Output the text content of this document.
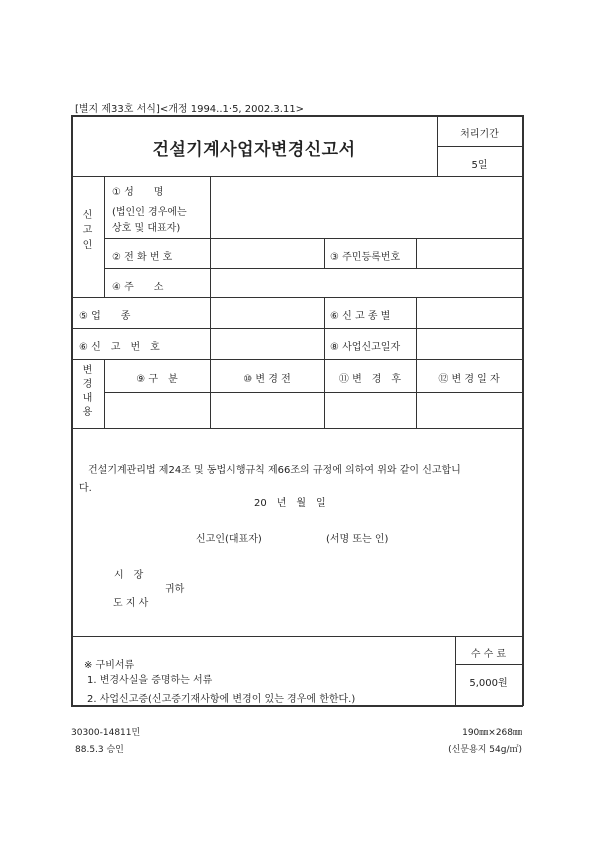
[별지 제33호 서식]<개정 1994..1·5, 2002.3.11>
건설기계사업자변경신고서
처리기간
5일
신고인
① 성　　명
(법인인 경우에는
상호 및 대표자)
② 전 화 번 호	③ 주민등록번호
④ 주　　소
⑤ 업　　종	⑥ 신 고 종 별
⑥ 신　고　번　호	⑧ 사업신고일자
변경내용
⑨ 구　분	⑩ 변 경 전	⑪ 변　경　후	⑫ 변 경 일 자
건설기계관리법 제24조 및 동법시행규칙 제66조의 규정에 의하여 위와 같이 신고합니
다.
20　년　월　일
신고인(대표자)	(서명 또는 인)
시　장
귀하
도 지 사
※ 구비서류
1. 변경사실을 증명하는 서류
2. 사업신고증(신고증기재사항에 변경이 있는 경우에 한한다.)
수 수 료
5,000원
30300-14811민
88.5.3 승인
190㎜×268㎜
(신문용지 54g/㎡)
